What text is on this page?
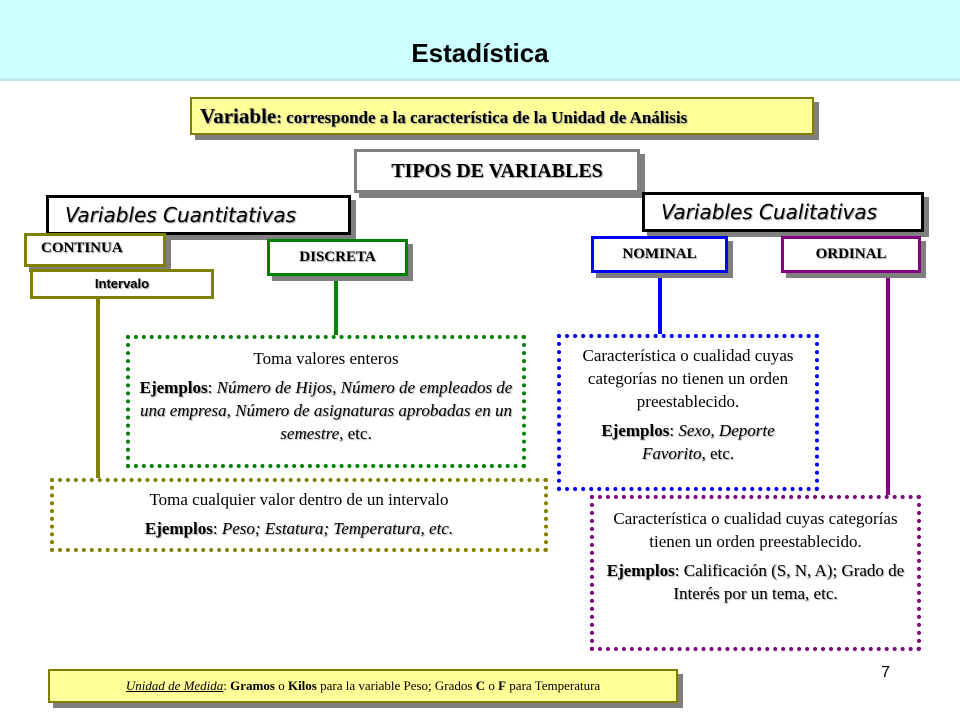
Estadística
Variable: corresponde a la característica de la Unidad de Análisis
TIPOS DE VARIABLES
Variables Cuantitativas	Variables Cualitativas
CONTINUA
Intervalo
DISCRETA	NOMINAL	ORDINAL

Toma valores enteros

Ejemplos: Número de Hijos, Número de empleados de una empresa, Número de asignaturas aprobadas en un semestre, etc.

Toma cualquier valor dentro de un intervalo

Ejemplos: Peso; Estatura; Temperatura, etc.

Característica o cualidad cuyas categorías no tienen un orden preestablecido.

Ejemplos: Sexo, Deporte Favorito, etc.

Característica o cualidad cuyas categorías tienen un orden preestablecido.

Ejemplos: Calificación (S, N, A); Grado de Interés por un tema, etc.

Unidad de Medida: Gramos o Kilos para la variable Peso; Grados C o F para Temperatura
7
